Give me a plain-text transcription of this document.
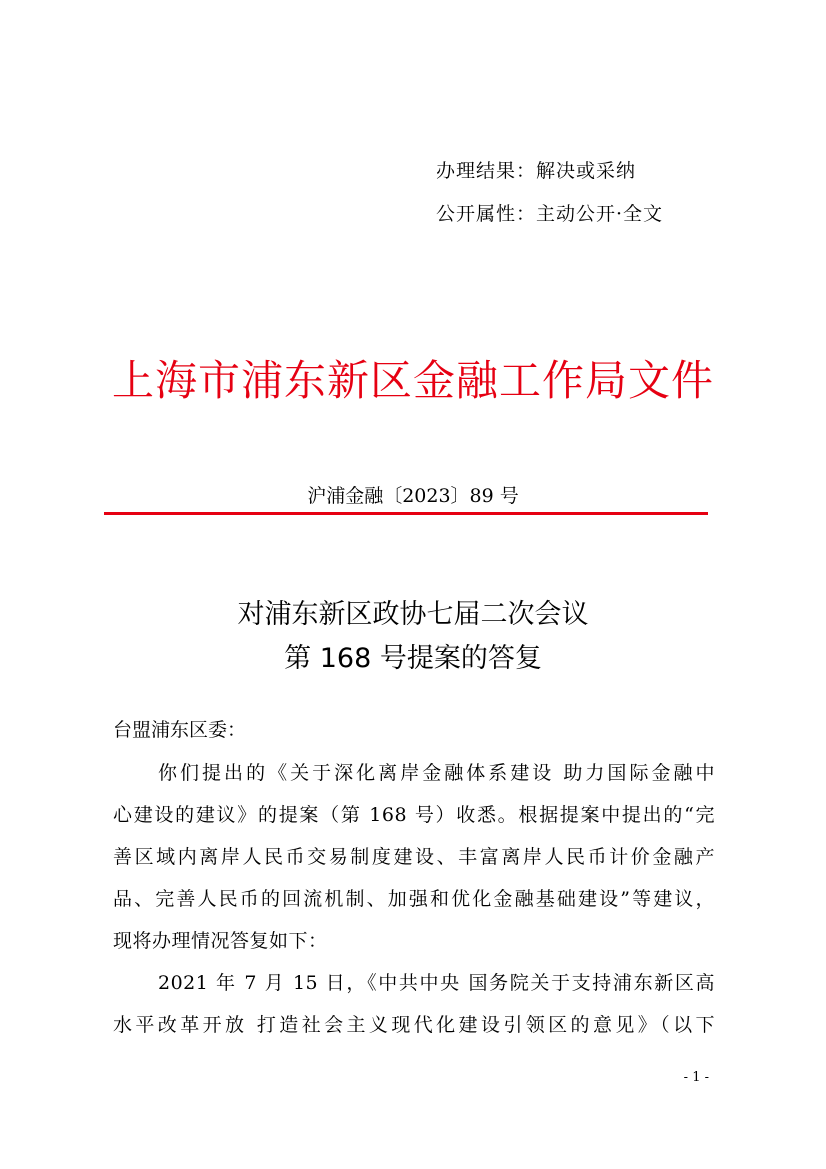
办理结果：解决或采纳
公开属性：主动公开·全文
上海市浦东新区金融工作局文件
沪浦金融〔2023〕89 号
对浦东新区政协七届二次会议
第 168 号提案的答复
台盟浦东区委：
你们提出的《关于深化离岸金融体系建设 助力国际金融中
心建设的建议》的提案（第 168 号）收悉。根据提案中提出的“完
善区域内离岸人民币交易制度建设、丰富离岸人民币计价金融产
品、完善人民币的回流机制、加强和优化金融基础建设”等建议，
现将办理情况答复如下：
2021 年 7 月 15 日，《中共中央 国务院关于支持浦东新区高
水平改革开放 打造社会主义现代化建设引领区的意见》（以下
- 1 -
